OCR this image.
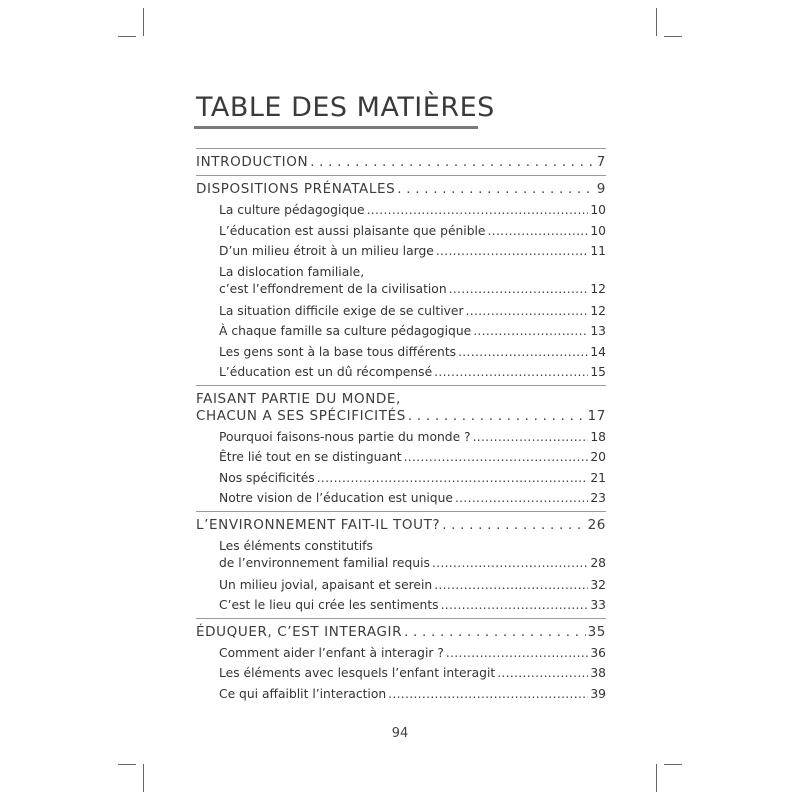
TABLE DES MATIÈRES
INTRODUCTION . . .	7
DISPOSITIONS PRÉNATALES . . .	9
La culture pédagogique . . .	10
L’éducation est aussi plaisante que pénible . . .	10
D’un milieu étroit à un milieu large . . .	11
La dislocation familiale,
c’est l’effondrement de la civilisation . . .	12
La situation difficile exige de se cultiver . . .	12
À chaque famille sa culture pédagogique . . .	13
Les gens sont à la base tous différents . . .	14
L’éducation est un dû récompensé . . .	15
FAISANT PARTIE DU MONDE,
CHACUN A SES SPÉCIFICITÉS . . .	17
Pourquoi faisons-nous partie du monde ? . . .	18
Être lié tout en se distinguant . . .	20
Nos spécificités . . .	21
Notre vision de l’éducation est unique . . .	23
L’ENVIRONNEMENT FAIT-IL TOUT? . . .	26
Les éléments constitutifs
de l’environnement familial requis . . .	28
Un milieu jovial, apaisant et serein . . .	32
C’est le lieu qui crée les sentiments . . .	33
ÉDUQUER, C’EST INTERAGIR . . .	35
Comment aider l’enfant à interagir ? . . .	36
Les éléments avec lesquels l’enfant interagit . . .	38
Ce qui affaiblit l’interaction . . .	39
94
